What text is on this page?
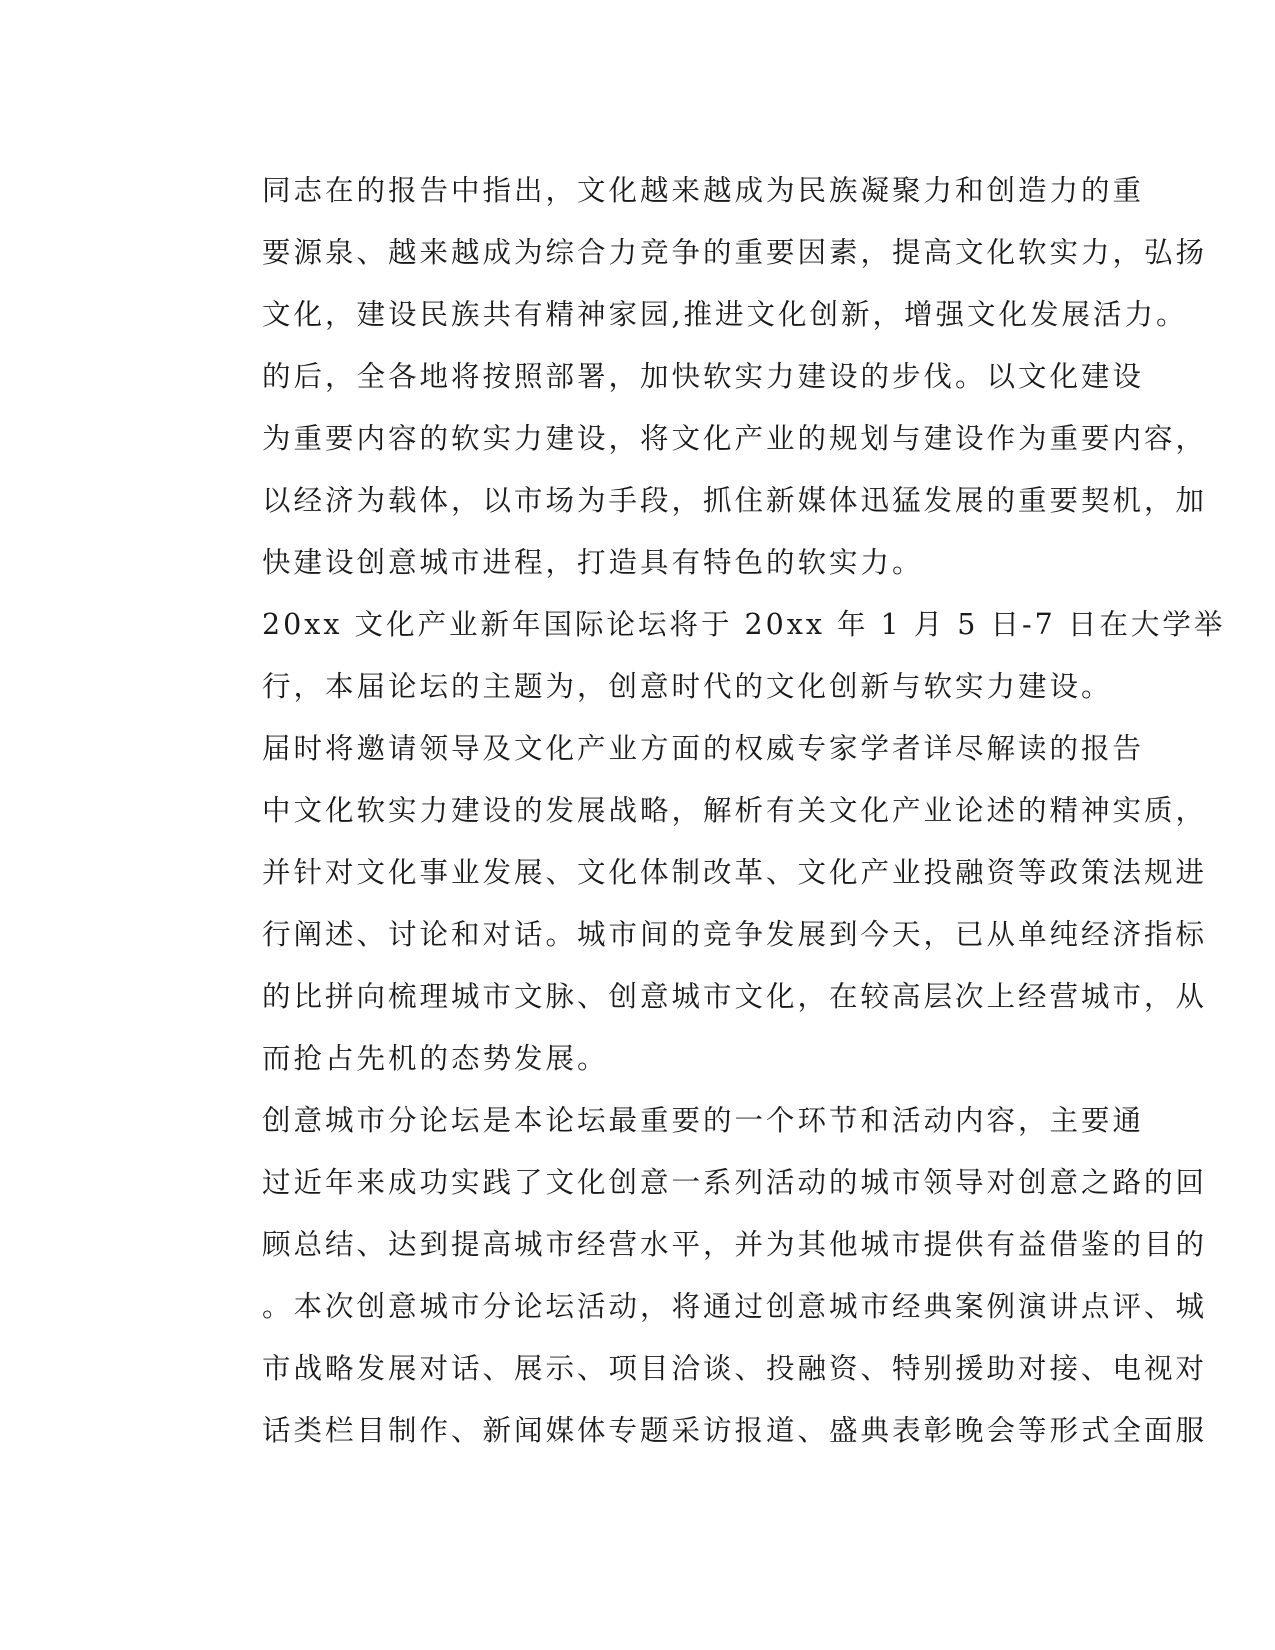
同志在的报告中指出，文化越来越成为民族凝聚力和创造力的重
要源泉、越来越成为综合力竞争的重要因素，提高文化软实力，弘扬
文化，建设民族共有精神家园,推进文化创新，增强文化发展活力。

的后，全各地将按照部署，加快软实力建设的步伐。以文化建设
为重要内容的软实力建设，将文化产业的规划与建设作为重要内容，
以经济为载体，以市场为手段，抓住新媒体迅猛发展的重要契机，加
快建设创意城市进程，打造具有特色的软实力。

20xx 文化产业新年国际论坛将于 20xx 年 1 月 5 日-7 日在大学举
行，本届论坛的主题为，创意时代的文化创新与软实力建设。

届时将邀请领导及文化产业方面的权威专家学者详尽解读的报告
中文化软实力建设的发展战略，解析有关文化产业论述的精神实质，
并针对文化事业发展、文化体制改革、文化产业投融资等政策法规进
行阐述、讨论和对话。城市间的竞争发展到今天，已从单纯经济指标
的比拼向梳理城市文脉、创意城市文化，在较高层次上经营城市，从
而抢占先机的态势发展。

创意城市分论坛是本论坛最重要的一个环节和活动内容，主要通
过近年来成功实践了文化创意一系列活动的城市领导对创意之路的回
顾总结、达到提高城市经营水平，并为其他城市提供有益借鉴的目的
。本次创意城市分论坛活动，将通过创意城市经典案例演讲点评、城
市战略发展对话、展示、项目洽谈、投融资、特别援助对接、电视对
话类栏目制作、新闻媒体专题采访报道、盛典表彰晚会等形式全面服
